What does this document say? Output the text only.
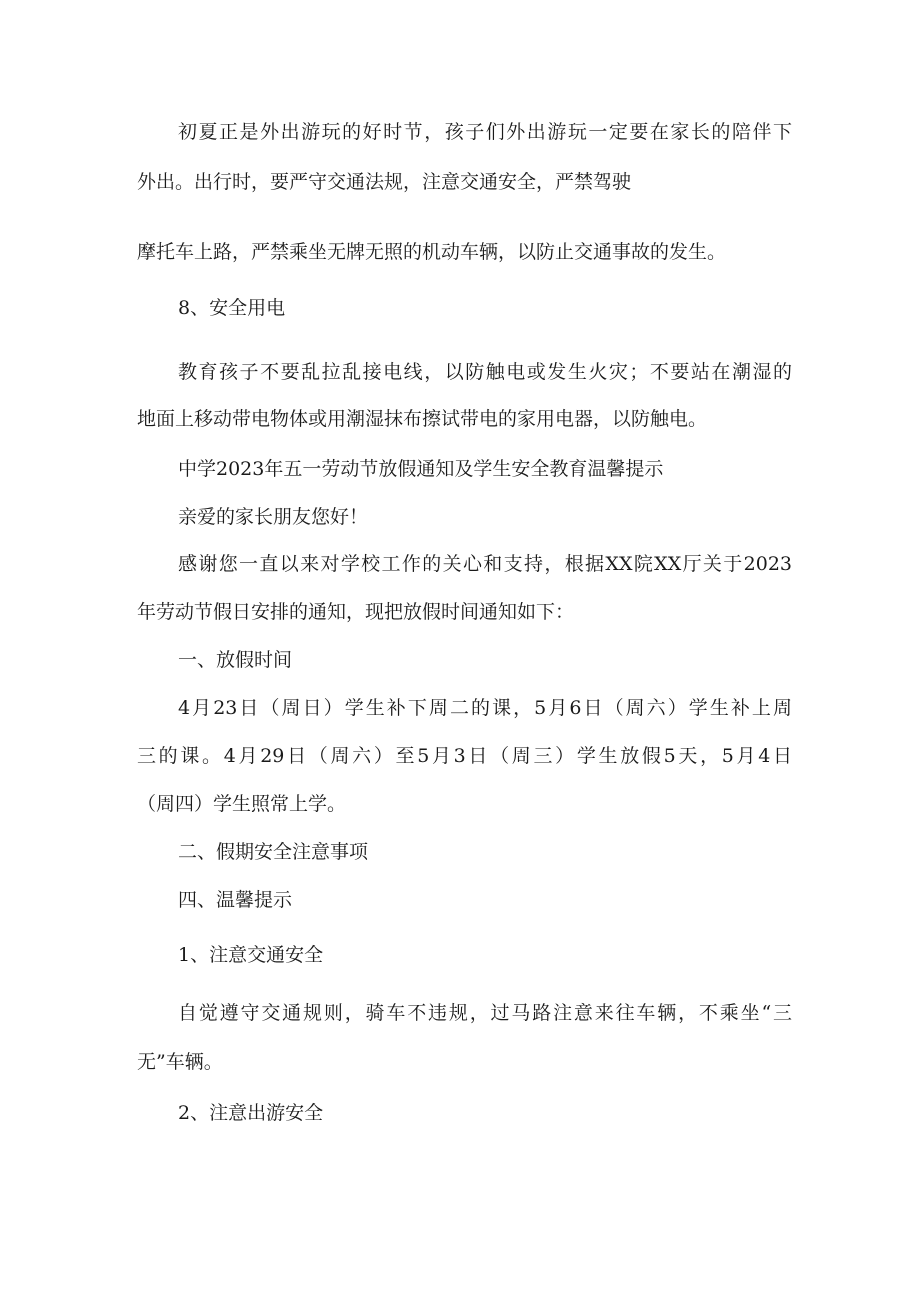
初夏正是外出游玩的好时节，孩子们外出游玩一定要在家长的陪伴下

外出。出行时，要严守交通法规，注意交通安全，严禁驾驶

摩托车上路，严禁乘坐无牌无照的机动车辆，以防止交通事故的发生。

8、安全用电

教育孩子不要乱拉乱接电线，以防触电或发生火灾；不要站在潮湿的

地面上移动带电物体或用潮湿抹布擦试带电的家用电器，以防触电。

中学2023年五一劳动节放假通知及学生安全教育温馨提示

亲爱的家长朋友您好！

感谢您一直以来对学校工作的关心和支持，根据XX院XX厅关于2023

年劳动节假日安排的通知，现把放假时间通知如下：

一、放假时间

4月23日（周日）学生补下周二的课，5月6日（周六）学生补上周

三的课。4月29日（周六）至5月3日（周三）学生放假5天，5月4日

（周四）学生照常上学。

二、假期安全注意事项

四、温馨提示

1、注意交通安全

自觉遵守交通规则，骑车不违规，过马路注意来往车辆，不乘坐“三

无”车辆。

2、注意出游安全
